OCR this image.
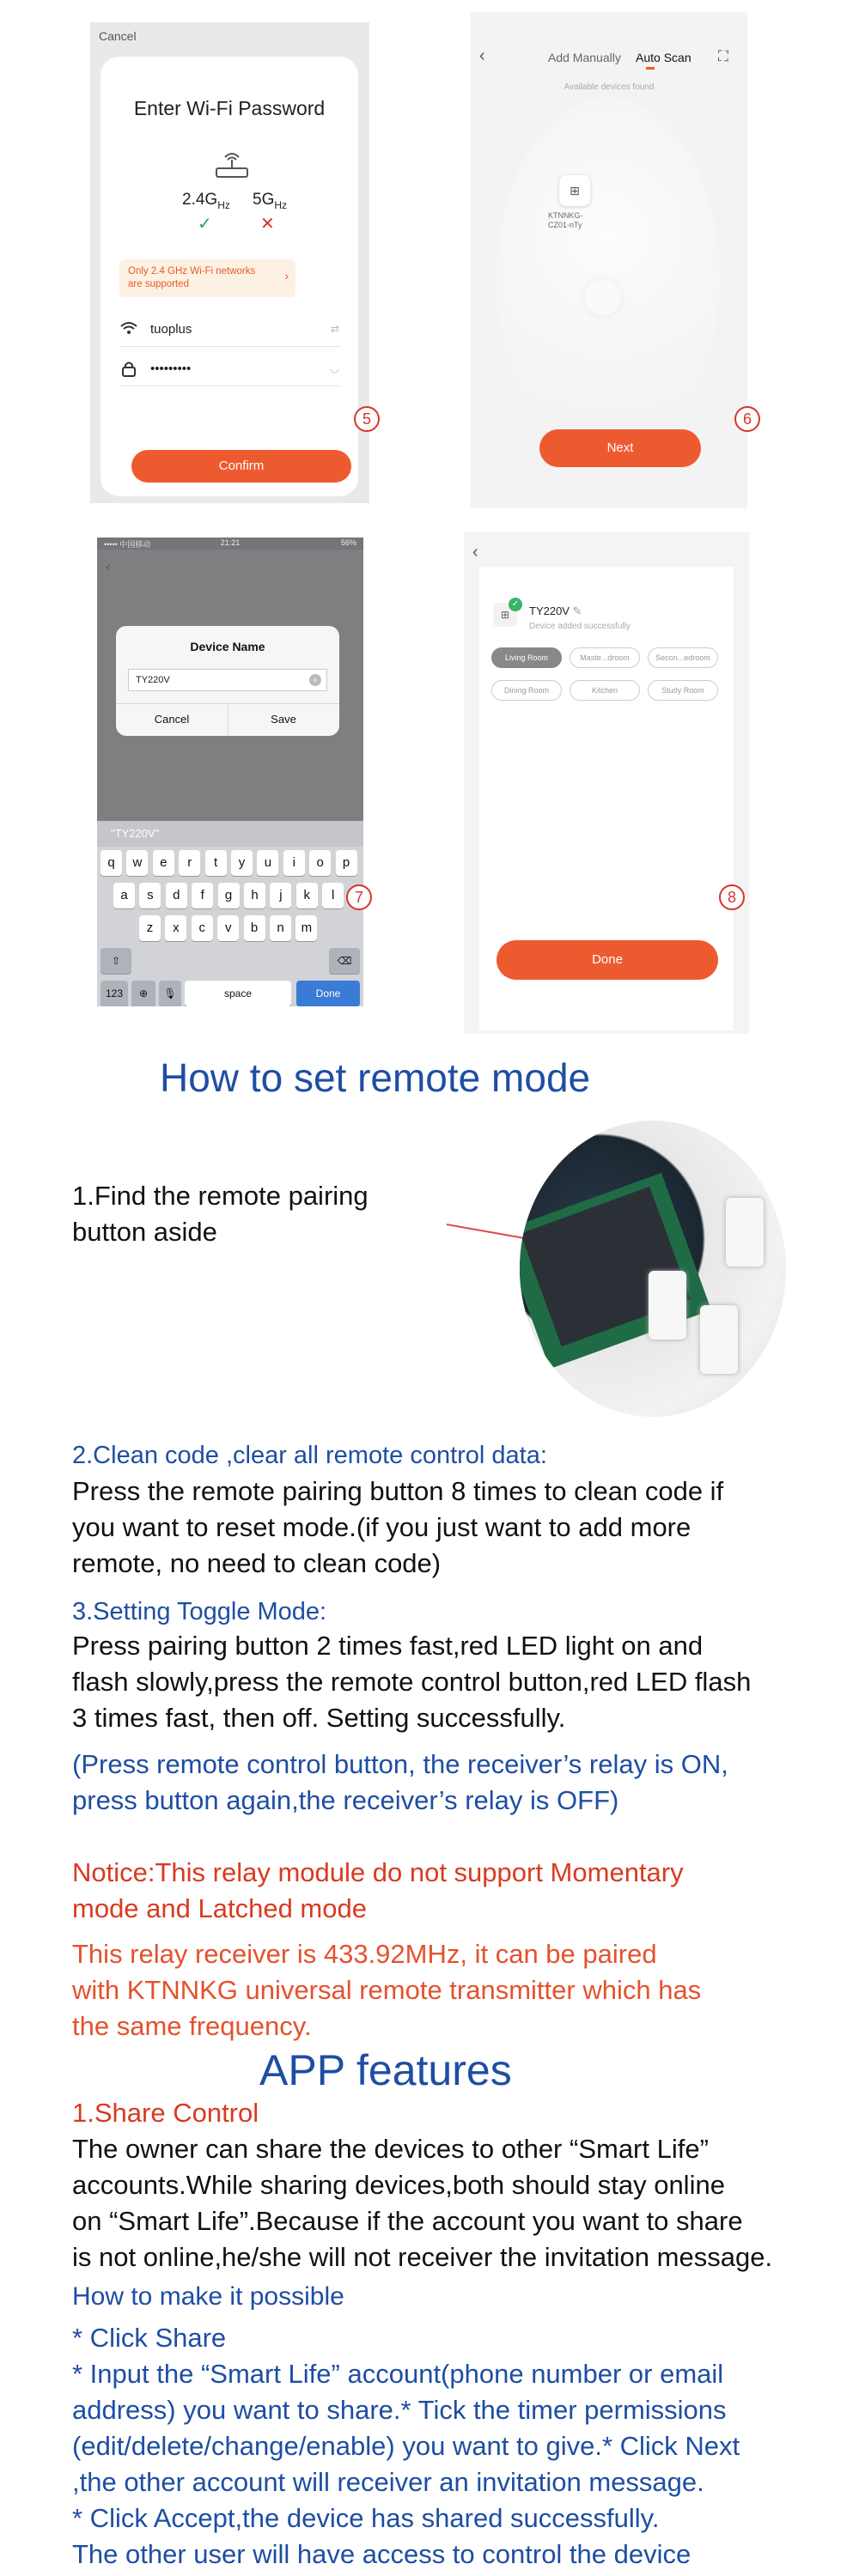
Cancel
Enter Wi-Fi Password
$2.4G_{Hz}$ $5G_{Hz}$
✓	✕
Only 2.4 GHz Wi-Fi networks
are supported
›
tuoplus	⇄
•••••••••	◡
Confirm
5
‹	Add Manually Auto Scan ⛶
Available devices found
⊞
KTNNKG-
CZ01-nTy
Next
6
••••• 中国移动	21:21	56%
‹
Device Name
TY220V	×
Cancel	Save
"TY220V"
123	⊕	🎙	space	Done
⇧	⌫
q	w	e	r	t	y	u	i	o	p
a	s	d	f	g	h	j	k	l
z	x	c	v	b	n	m
7
‹
⊞
✓
TY220V ✎
Device added successfully
Living Room	Maste...droom	Secon...edroom
Dining Room	Kitchen	Study Room
Done
8
How to set remote mode
1.Find the remote pairing
button aside
2.Clean code ,clear all remote control data:
Press the remote pairing button 8 times to clean code if
you want to reset mode.(if you just want to add more
remote, no need to clean code)
3.Setting Toggle Mode:
Press pairing button 2 times fast,red LED light on and
flash slowly,press the remote control button,red LED flash
3 times fast, then off. Setting successfully.
(Press remote control button, the receiver’s relay is ON,
press button again,the receiver’s relay is OFF)
Notice:This relay module do not support Momentary
mode and Latched mode
This relay receiver is 433.92MHz, it can be paired
with KTNNKG universal remote transmitter which has
the same frequency.
APP features
1.Share Control
The owner can share the devices to other “Smart Life”
accounts.While sharing devices,both should stay online
on “Smart Life”.Because if the account you want to share
is not online,he/she will not receiver the invitation message.
How to make it possible
* Click Share
* Input the “Smart Life” account(phone number or email
address) you want to share.* Tick the timer permissions
(edit/delete/change/enable) you want to give.* Click Next
,the other account will receiver an invitation message.
* Click Accept,the device has shared successfully.
The other user will have access to control the device
